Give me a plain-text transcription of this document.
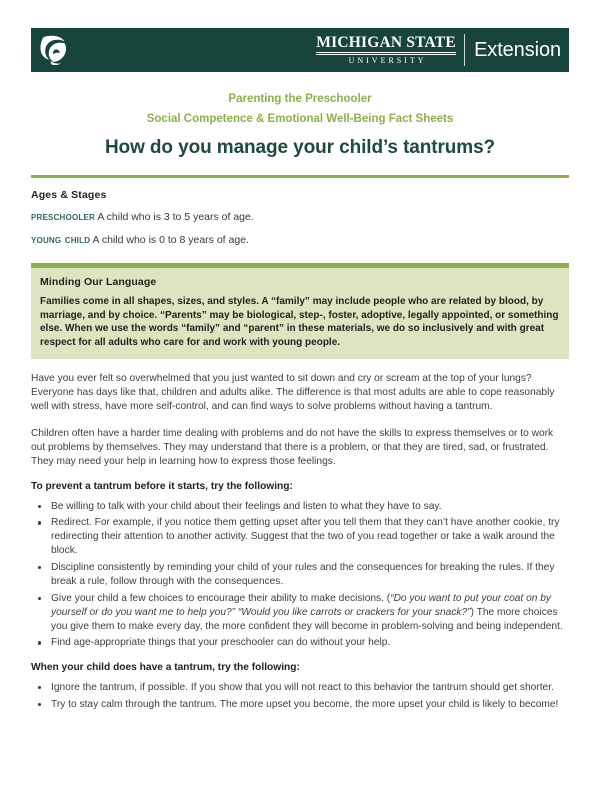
MICHIGAN STATE
UNIVERSITY	Extension
Parenting the Preschooler
Social Competence & Emotional Well-Being Fact Sheets
How do you manage your child’s tantrums?
Ages & Stages
preschooler A child who is 3 to 5 years of age.
young child A child who is 0 to 8 years of age.
Minding Our Language
Families come in all shapes, sizes, and styles. A “family” may include people who are related by blood, by marriage, and by choice. “Parents” may be biological, step-, foster, adoptive, legally appointed, or something else. When we use the words “family” and “parent” in these materials, we do so inclusively and with great respect for all adults who care for and work with young people.
Have you ever felt so overwhelmed that you just wanted to sit down and cry or scream at the top of your lungs? Everyone has days like that, children and adults alike. The difference is that most adults are able to cope reasonably well with stress, have more self-control, and can find ways to solve problems without having a tantrum.
Children often have a harder time dealing with problems and do not have the skills to express themselves or to work out problems by themselves. They may understand that there is a problem, or that they are tired, sad, or frustrated. They may need your help in learning how to express those feelings.
To prevent a tantrum before it starts, try the following:
Be willing to talk with your child about their feelings and listen to what they have to say.
Redirect. For example, if you notice them getting upset after you tell them that they can’t have another cookie, try redirecting their attention to another activity. Suggest that the two of you read together or take a walk around the block.
Discipline consistently by reminding your child of your rules and the consequences for breaking the rules. If they break a rule, follow through with the consequences.
Give your child a few choices to encourage their ability to make decisions. (“Do you want to put your coat on by yourself or do you want me to help you?” “Would you like carrots or crackers for your snack?”) The more choices you give them to make every day, the more confident they will become in problem-solving and being independent.
Find age-appropriate things that your preschooler can do without your help.
When your child does have a tantrum, try the following:
Ignore the tantrum, if possible. If you show that you will not react to this behavior the tantrum should get shorter.
Try to stay calm through the tantrum. The more upset you become, the more upset your child is likely to become!
